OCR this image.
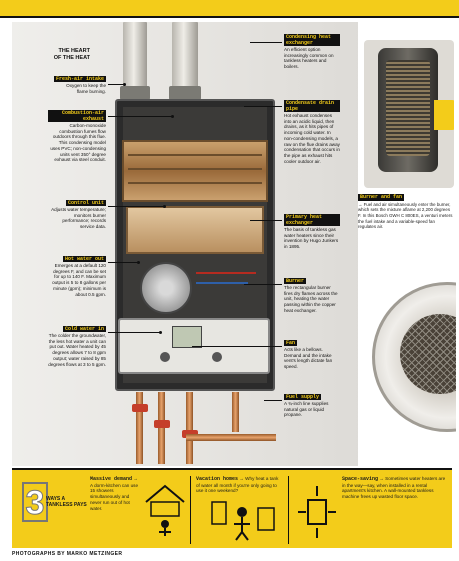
THE HEART OF THE HEAT
Fresh-air intake
Oxygen to keep the flame burning.
Combustion-air exhaust
Carbon-monoxide combustion fumes flow outdoors through this flue. This condensing model uses PVC; non-condensing units vent 350° degree exhaust via steel conduit.
Control unit
Adjusts water temperature; monitors burner performance; records service data.
Hot water out
Emerges at a default 120 degrees F, and can be set for up to 140 F. Maximum output is 5 to 8 gallons per minute (gpm); minimum is about 0.5 gpm.
Cold water in
The colder the groundwater, the less hot water a unit can put out. Water heated by 45 degrees allows 7 to 8 gpm output; water raised by 85 degrees flows at 3 to 5 gpm.
Condensing heat exchanger
An efficient option increasingly common on tankless heaters and boilers.
Condensate drain pipe
Hot exhaust condenses into an acidic liquid, then drains, as it hits pipes of incoming cold water. In non-condensing models, a raw on the flue drains away condensation that occurs in the pipe as exhaust hits cooler outdoor air.
Primary heat exchanger
The basis of tankless gas water heaters since their invention by Hugo Junkers in 1895.
Burner
The rectangular burner fires dry flames across the unit, heating the water passing within the copper heat exchanger.
Fan
Acts like a bellows. Demand and the intake vent's length dictate fan speed.
Fuel supply
A ¾-inch line supplies natural gas or liquid propane.
Burner and fan
→ Fuel and air simultaneously enter the burner, which sets the mixture aflame at 2,200 degrees F. In this Bosch GWH C 800ES, a venturi meters the fuel intake and a variable-speed fan regulates air.
3 WAYS A TANKLESS PAYS
Massive demand →
A dorm-kitchen can use 15 showers simultaneously and never run out of hot water.
Vacation homes → Why heat a tank of water all month if you're only going to use it one weekend?
Space-saving → Sometimes water heaters are in the way—say, when installed in a rental apartment's kitchen. A wall-mounted tankless machine frees up wasted floor space.
PHOTOGRAPHS BY MARKO METZINGER
